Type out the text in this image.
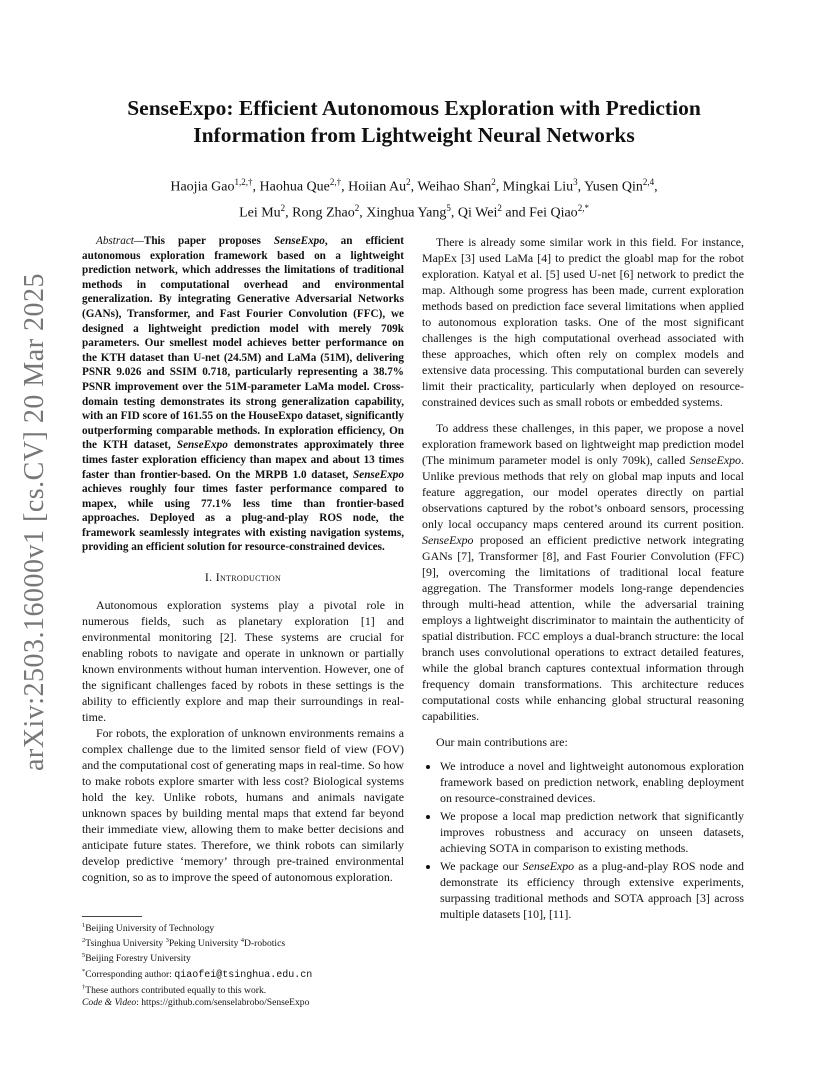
arXiv:2503.16000v1 [cs.CV] 20 Mar 2025
SenseExpo: Efficient Autonomous Exploration with Prediction
Information from Lightweight Neural Networks
Haojia Gao$^{1,2,\dagger}$, Haohua Que$^{2,\dagger}$, Hoiian Au$^2$, Weihao Shan$^2$, Mingkai Liu$^3$, Yusen Qin$^{2,4}$,
Lei Mu$^2$, Rong Zhao$^2$, Xinghua Yang$^5$, Qi Wei$^2$ and Fei Qiao$^{2,*}$

Abstract—This paper proposes SenseExpo, an efficient autonomous exploration framework based on a lightweight prediction network, which addresses the limitations of traditional methods in computational overhead and environmental generalization. By integrating Generative Adversarial Networks (GANs), Transformer, and Fast Fourier Convolution (FFC), we designed a lightweight prediction model with merely 709k parameters. Our smellest model achieves better performance on the KTH dataset than U-net (24.5M) and LaMa (51M), delivering PSNR 9.026 and SSIM 0.718, particularly representing a 38.7% PSNR improvement over the 51M-parameter LaMa model. Cross-domain testing demonstrates its strong generalization capability, with an FID score of 161.55 on the HouseExpo dataset, significantly outperforming comparable methods. In exploration efficiency, On the KTH dataset, SenseExpo demonstrates approximately three times faster exploration efficiency than mapex and about 13 times faster than frontier-based. On the MRPB 1.0 dataset, SenseExpo achieves roughly four times faster performance compared to mapex, while using 77.1% less time than frontier-based approaches. Deployed as a plug-and-play ROS node, the framework seamlessly integrates with existing navigation systems, providing an efficient solution for resource-constrained devices.

I. Introduction

Autonomous exploration systems play a pivotal role in numerous fields, such as planetary exploration [1] and environmental monitoring [2]. These systems are crucial for enabling robots to navigate and operate in unknown or partially known environments without human intervention. However, one of the significant challenges faced by robots in these settings is the ability to efficiently explore and map their surroundings in real-time.

For robots, the exploration of unknown environments remains a complex challenge due to the limited sensor field of view (FOV) and the computational cost of generating maps in real-time. So how to make robots explore smarter with less cost? Biological systems hold the key. Unlike robots, humans and animals navigate unknown spaces by building mental maps that extend far beyond their immediate view, allowing them to make better decisions and anticipate future states. Therefore, we think robots can similarly develop predictive ‘memory’ through pre-trained environmental cognition, so as to improve the speed of autonomous exploration.

$^1$Beijing University of Technology
$^2$Tsinghua University $^3$Peking University $^4$D-robotics
$^5$Beijing Forestry University
*Corresponding author: qiaofei@tsinghua.edu.cn
†These authors contributed equally to this work.
Code & Video: https://github.com/senselabrobo/SenseExpo

There is already some similar work in this field. For instance, MapEx [3] used LaMa [4] to predict the gloabl map for the robot exploration. Katyal et al. [5] used U-net [6] network to predict the map. Although some progress has been made, current exploration methods based on prediction face several limitations when applied to autonomous exploration tasks. One of the most significant challenges is the high computational overhead associated with these approaches, which often rely on complex models and extensive data processing. This computational burden can severely limit their practicality, particularly when deployed on resource-constrained devices such as small robots or embedded systems.

To address these challenges, in this paper, we propose a novel exploration framework based on lightweight map prediction model (The minimum parameter model is only 709k), called SenseExpo. Unlike previous methods that rely on global map inputs and local feature aggregation, our model operates directly on partial observations captured by the robot’s onboard sensors, processing only local occupancy maps centered around its current position. SenseExpo proposed an efficient predictive network integrating GANs [7], Transformer [8], and Fast Fourier Convolution (FFC) [9], overcoming the limitations of traditional local feature aggregation. The Transformer models long-range dependencies through multi-head attention, while the adversarial training employs a lightweight discriminator to maintain the authenticity of spatial distribution. FCC employs a dual-branch structure: the local branch uses convolutional operations to extract detailed features, while the global branch captures contextual information through frequency domain transformations. This architecture reduces computational costs while enhancing global structural reasoning capabilities.

Our main contributions are:

• We introduce a novel and lightweight autonomous exploration framework based on prediction network, enabling deployment on resource-constrained devices.
• We propose a local map prediction network that significantly improves robustness and accuracy on unseen datasets, achieving SOTA in comparison to existing methods.
• We package our SenseExpo as a plug-and-play ROS node and demonstrate its efficiency through extensive experiments, surpassing traditional methods and SOTA approach [3] across multiple datasets [10], [11].
